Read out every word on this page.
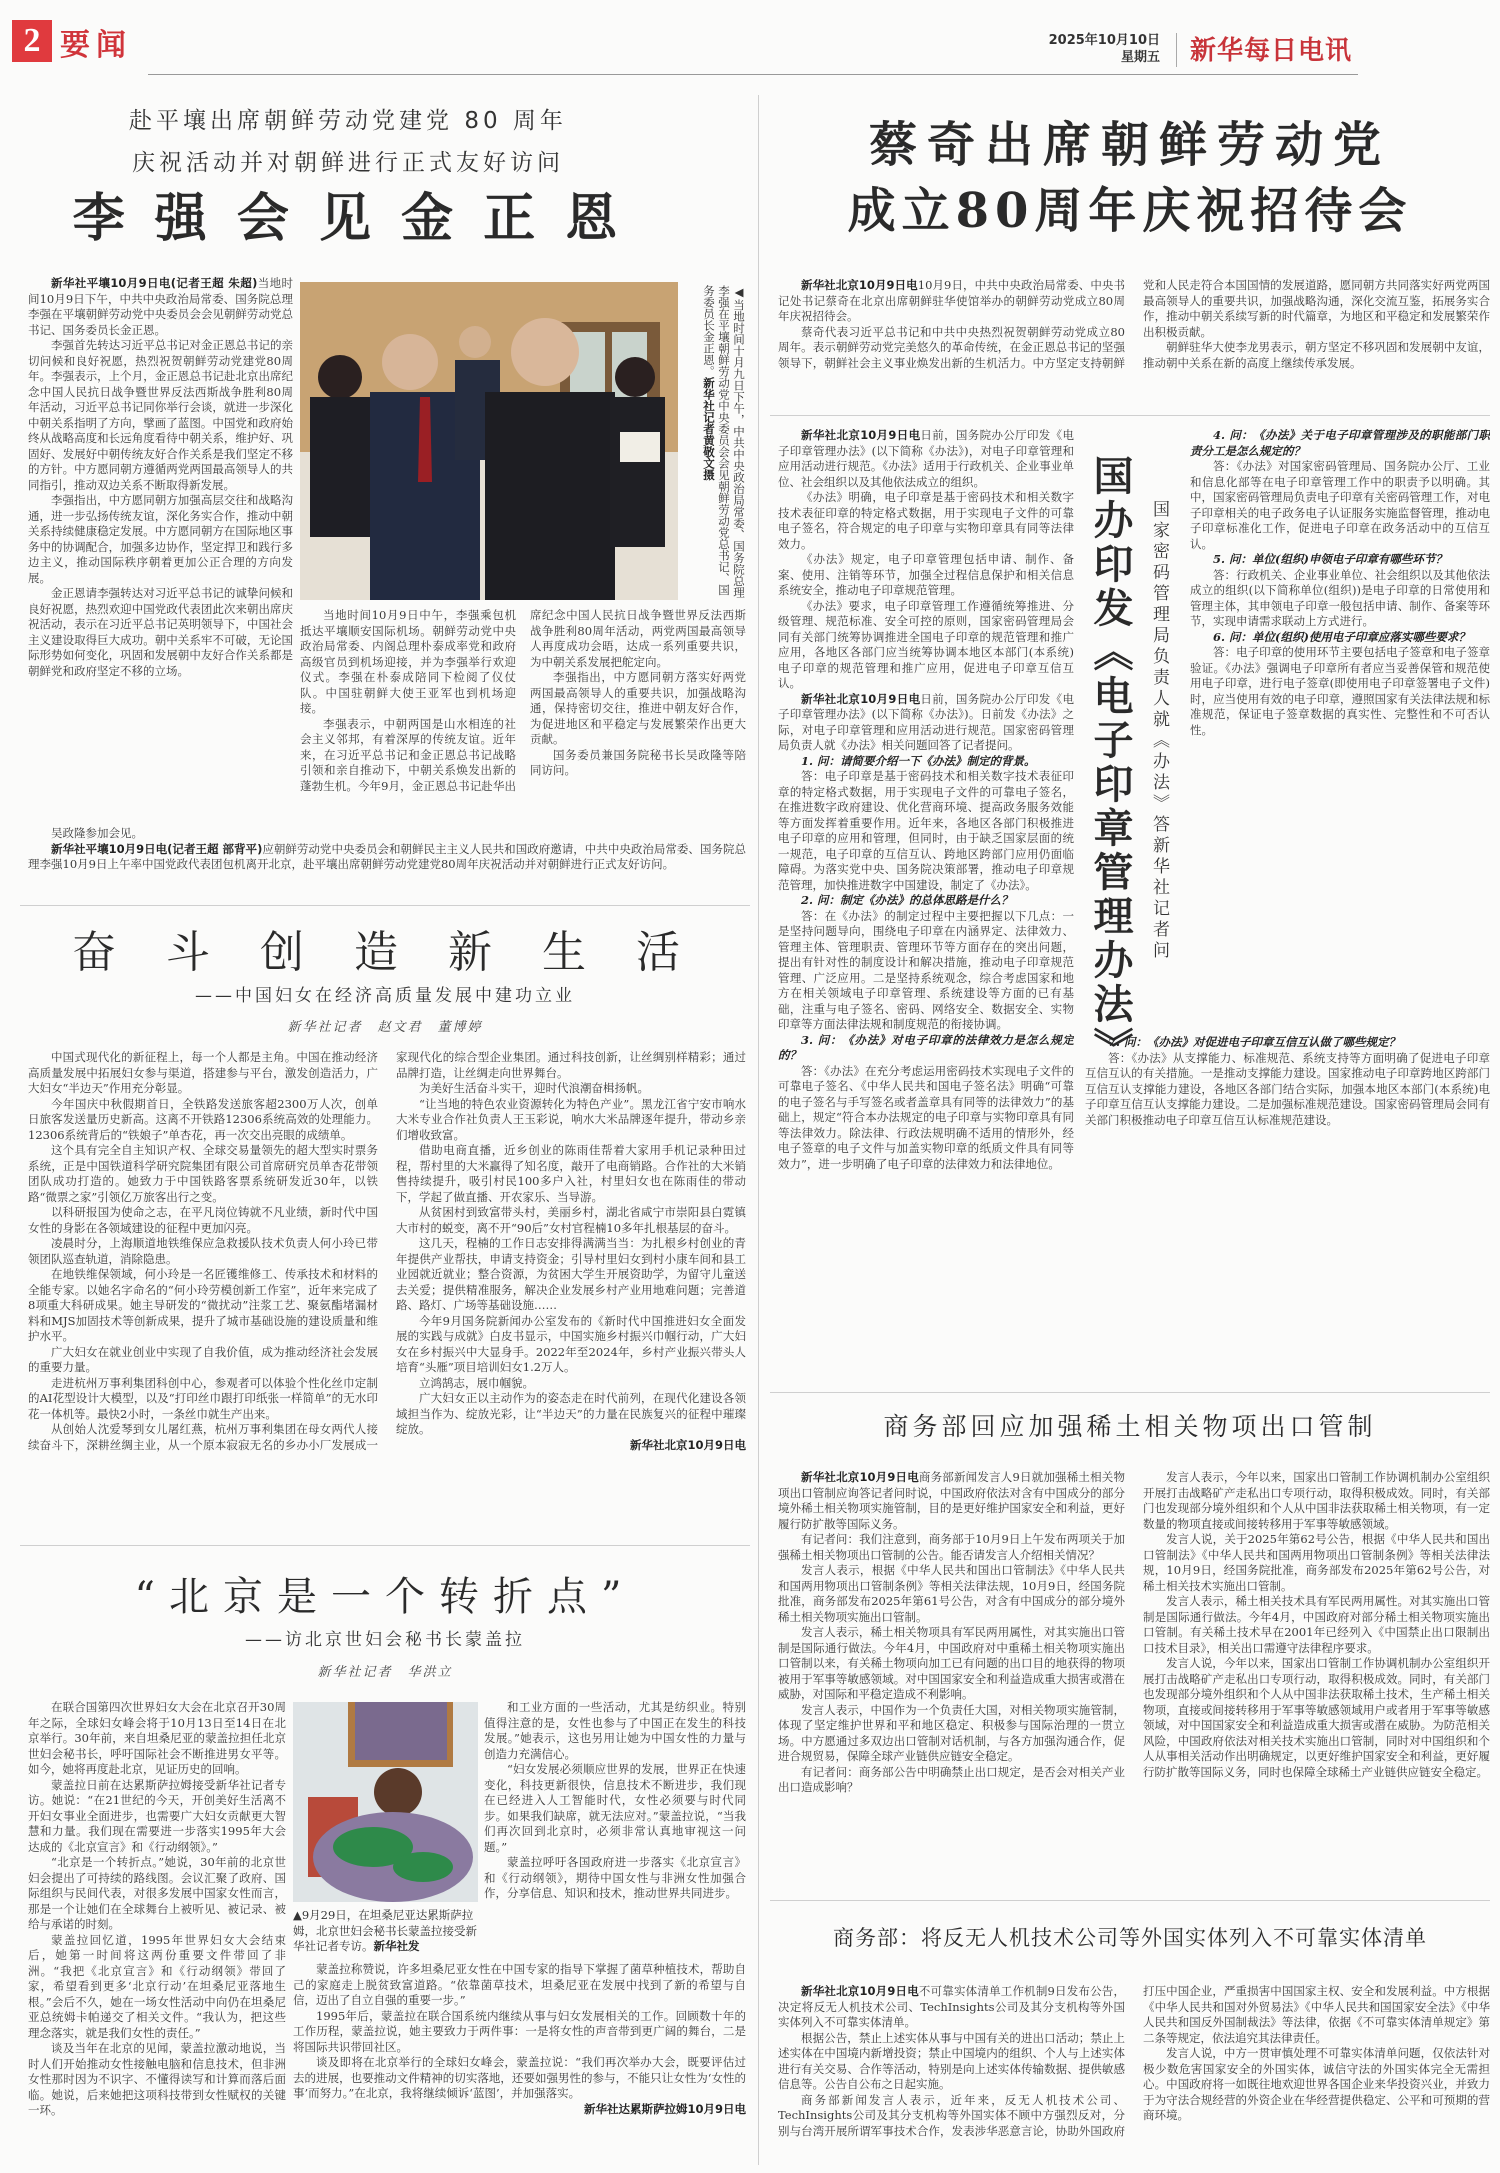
2 要闻	2025年10月10日
星期五 新华每日电讯
赴平壤出席朝鲜劳动党建党 80 周年
庆祝活动并对朝鲜进行正式友好访问
李 强 会 见 金 正 恩

新华社平壤10月9日电(记者王超 朱超)当地时间10月9日下午，中共中央政治局常委、国务院总理李强在平壤朝鲜劳动党中央委员会会见朝鲜劳动党总书记、国务委员长金正恩。

李强首先转达习近平总书记对金正恩总书记的亲切问候和良好祝愿，热烈祝贺朝鲜劳动党建党80周年。李强表示，上个月，金正恩总书记赴北京出席纪念中国人民抗日战争暨世界反法西斯战争胜利80周年活动，习近平总书记同你举行会谈，就进一步深化中朝关系指明了方向，擘画了蓝图。中国党和政府始终从战略高度和长远角度看待中朝关系，维护好、巩固好、发展好中朝传统友好合作关系是我们坚定不移的方针。中方愿同朝方遵循两党两国最高领导人的共同指引，推动双边关系不断取得新发展。

李强指出，中方愿同朝方加强高层交往和战略沟通，进一步弘扬传统友谊，深化务实合作，推动中朝关系持续健康稳定发展。中方愿同朝方在国际地区事务中的协调配合，加强多边协作，坚定捍卫和践行多边主义，推动国际秩序朝着更加公正合理的方向发展。

金正恩请李强转达对习近平总书记的诚挚问候和良好祝愿，热烈欢迎中国党政代表团此次来朝出席庆祝活动，表示在习近平总书记英明领导下，中国社会主义建设取得巨大成功。朝中关系牢不可破，无论国际形势如何变化，巩固和发展朝中友好合作关系都是朝鲜党和政府坚定不移的立场。

◀当地时间十月九日下午，中共中央政治局常委、国务院总理李强在平壤朝鲜劳动党中央委员会会见朝鲜劳动党总书记、国务委员长金正恩。新华社记者黄敬文摄

当地时间10月9日中午，李强乘包机抵达平壤顺安国际机场。朝鲜劳动党中央政治局常委、内阁总理朴泰成率党和政府高级官员到机场迎接，并为李强举行欢迎仪式。李强在朴泰成陪同下检阅了仪仗队。中国驻朝鲜大使王亚军也到机场迎接。

李强表示，中朝两国是山水相连的社会主义邻邦，有着深厚的传统友谊。近年来，在习近平总书记和金正恩总书记战略引领和亲自推动下，中朝关系焕发出新的蓬勃生机。今年9月，金正恩总书记赴华出席纪念中国人民抗日战争暨世界反法西斯战争胜利80周年活动，两党两国最高领导人再度成功会晤，达成一系列重要共识，为中朝关系发展把舵定向。

李强指出，中方愿同朝方落实好两党两国最高领导人的重要共识，加强战略沟通，保持密切交往，推进中朝友好合作，为促进地区和平稳定与发展繁荣作出更大贡献。

国务委员兼国务院秘书长吴政隆等陪同访问。

吴政隆参加会见。

新华社平壤10月9日电(记者王超 部背平)应朝鲜劳动党中央委员会和朝鲜民主主义人民共和国政府邀请，中共中央政治局常委、国务院总理李强10月9日上午率中国党政代表团包机离开北京，赴平壤出席朝鲜劳动党建党80周年庆祝活动并对朝鲜进行正式友好访问。

奋 斗 创 造 新 生 活
——中国妇女在经济高质量发展中建功立业
新华社记者　赵文君　董博婷

中国式现代化的新征程上，每一个人都是主角。中国在推动经济高质量发展中拓展妇女参与渠道，搭建参与平台，激发创造活力，广大妇女“半边天”作用充分彰显。

今年国庆中秋假期首日，全铁路发送旅客超2300万人次，创单日旅客发送量历史新高。这离不开铁路12306系统高效的处理能力。12306系统背后的“铁娘子”单杏花，再一次交出亮眼的成绩单。

这个具有完全自主知识产权、全球交易量领先的超大型实时票务系统，正是中国铁道科学研究院集团有限公司首席研究员单杏花带领团队成功打造的。她致力于中国铁路客票系统研发近30年，以铁路“微票之家”引领亿万旅客出行之变。

以科研报国为使命之志，在平凡岗位铸就不凡业绩，新时代中国女性的身影在各领域建设的征程中更加闪亮。

凌晨时分，上海顺道地铁维保应急救援队技术负责人何小玲已带领团队巡查轨道，消除隐患。

在地铁维保领域，何小玲是一名匠镬维修工、传承技术和材料的全能专家。以她名字命名的“何小玲劳模创新工作室”，近年来完成了8项重大科研成果。她主导研发的“微扰动”注浆工艺、聚氨酯堵漏材料和MJS加固技术等创新成果，提升了城市基础设施的建设质量和维护水平。

广大妇女在就业创业中实现了自我价值，成为推动经济社会发展的重要力量。

走进杭州万事利集团科创中心，参观者可以体验个性化丝巾定制的AI花型设计大模型，以及“打印丝巾跟打印纸张一样简单”的无水印花一体机等。最快2小时，一条丝巾就生产出来。

从创始人沈爱琴到女儿屠红燕，杭州万事利集团在母女两代人接续奋斗下，深耕丝绸主业，从一个原本寂寂无名的乡办小厂发展成一家现代化的综合型企业集团。通过科技创新，让丝绸别样精彩；通过品牌打造，让丝绸走向世界舞台。

为美好生活奋斗实干，迎时代浪潮奋楫扬帆。

“让当地的特色农业资源转化为特色产业”。黑龙江省宁安市响水大米专业合作社负责人王玉彩说，响水大米品牌逐年提升，带动乡亲们增收致富。

借助电商直播，近乡创业的陈雨佳帮着大家用手机记录种田过程，帮村里的大米赢得了知名度，敲开了电商销路。合作社的大米销售持续提升，吸引村民100多户入社，村里妇女也在陈雨佳的带动下，学起了做直播、开农家乐、当导游。

从贫困村到致富带头村，美丽乡村，湖北省咸宁市崇阳县白霓镇大市村的蜕变，离不开“90后”女村官程楠10多年扎根基层的奋斗。

这几天，程楠的工作日志安排得满满当当：为扎根乡村创业的青年提供产业帮扶，申请支持资金；引导村里妇女到村小康车间和县工业园就近就业；整合资源，为贫困大学生开展资助学，为留守儿童送去关爱；提供精准服务，解决企业发展乡村产业用地难问题；完善道路、路灯、广场等基础设施……

今年9月国务院新闻办公室发布的《新时代中国推进妇女全面发展的实践与成就》白皮书显示，中国实施乡村振兴巾帼行动，广大妇女在乡村振兴中大显身手。2022年至2024年，乡村产业振兴带头人培育“头雁”项目培训妇女1.2万人。

立鸿鹄志，展巾帼貌。

广大妇女正以主动作为的姿态走在时代前列，在现代化建设各领域担当作为、绽放光彩，让“半边天”的力量在民族复兴的征程中璀璨绽放。

新华社北京10月9日电
“北京是一个转折点”
——访北京世妇会秘书长蒙盖拉
新华社记者　华洪立

在联合国第四次世界妇女大会在北京召开30周年之际，全球妇女峰会将于10月13日至14日在北京举行。30年前，来自坦桑尼亚的蒙盖拉担任北京世妇会秘书长，呼吁国际社会不断推进男女平等。如今，她将再度赴北京，见证历史的回响。

蒙盖拉日前在达累斯萨拉姆接受新华社记者专访。她说：“在21世纪的今天，开创美好生活离不开妇女事业全面进步，也需要广大妇女贡献更大智慧和力量。我们现在需要进一步落实1995年大会达成的《北京宣言》和《行动纲领》。”

“北京是一个转折点。”她说，30年前的北京世妇会提出了可持续的路线图。会议汇聚了政府、国际组织与民间代表，对很多发展中国家女性而言，那是一个让她们在全球舞台上被听见、被记录、被给与承诺的时刻。

蒙盖拉回忆道，1995年世界妇女大会结束后，她第一时间将这两份重要文件带回了非洲。“我把《北京宣言》和《行动纲领》带回了家，希望看到更多‘北京行动’在坦桑尼亚落地生根。”会后不久，她在一场女性活动中向仍在坦桑尼亚总统姆卡帕递交了相关文件。“我认为，把这些理念落实，就是我们女性的责任。”

谈及当年在北京的见闻，蒙盖拉激动地说，当时人们开始推动女性接触电脑和信息技术，但非洲女性那时因为不识字、不懂得读写和计算而落后面临。她说，后来她把这项科技带到女性赋权的关键一环。

▲9月29日，在坦桑尼亚达累斯萨拉姆，北京世妇会秘书长蒙盖拉接受新华社记者专访。新华社发

和工业方面的一些活动，尤其是纺织业。特别值得注意的是，女性也参与了中国正在发生的科技发展。”她表示，这也另用让她为中国女性的力量与创造力充满信心。

“妇女发展必须顺应世界的发展，世界正在快速变化，科技更新很快，信息技术不断进步，我们现在已经进入人工智能时代，女性必须要与时代同步。如果我们缺席，就无法应对。”蒙盖拉说，“当我们再次回到北京时，必须非常认真地审视这一问题。”

蒙盖拉呼吁各国政府进一步落实《北京宣言》和《行动纲领》，期待中国女性与非洲女性加强合作，分享信息、知识和技术，推动世界共同进步。

蒙盖拉称赞说，许多坦桑尼亚女性在中国专家的指导下掌握了菌草种植技术，帮助自己的家庭走上脱贫致富道路。“依靠菌草技术，坦桑尼亚在发展中找到了新的希望与自信，迈出了自立自强的重要一步。”

1995年后，蒙盖拉在联合国系统内继续从事与妇女发展相关的工作。回顾数十年的工作历程，蒙盖拉说，她主要致力于两件事：一是将女性的声音带到更广阔的舞台，二是将国际共识带回社区。

谈及即将在北京举行的全球妇女峰会，蒙盖拉说：“我们再次举办大会，既要评估过去的进展，也要推动文件精神的切实落地，还要如强男性的参与，不能只让女性为‘女性的事’而努力。”在北京，我将继续倾诉‘蓝图’，并加强落实。

新华社达累斯萨拉姆10月9日电
蔡奇出席朝鲜劳动党
成立80周年庆祝招待会

新华社北京10月9日电10月9日，中共中央政治局常委、中央书记处书记蔡奇在北京出席朝鲜驻华使馆举办的朝鲜劳动党成立80周年庆祝招待会。

蔡奇代表习近平总书记和中共中央热烈祝贺朝鲜劳动党成立80周年。表示朝鲜劳动党完美悠久的革命传统，在金正恩总书记的坚强领导下，朝鲜社会主义事业焕发出新的生机活力。中方坚定支持朝鲜党和人民走符合本国国情的发展道路，愿同朝方共同落实好两党两国最高领导人的重要共识，加强战略沟通，深化交流互鉴，拓展务实合作，推动中朝关系续写新的时代篇章，为地区和平稳定和发展繁荣作出积极贡献。

朝鲜驻华大使李龙男表示，朝方坚定不移巩固和发展朝中友谊，推动朝中关系在新的高度上继续传承发展。

新华社北京10月9日电日前，国务院办公厅印发《电子印章管理办法》(以下简称《办法》)，对电子印章管理和应用活动进行规范。《办法》适用于行政机关、企业事业单位、社会组织以及其他依法成立的组织。

《办法》明确，电子印章是基于密码技术和相关数字技术表征印章的特定格式数据，用于实现电子文件的可靠电子签名，符合规定的电子印章与实物印章具有同等法律效力。

《办法》规定，电子印章管理包括申请、制作、备案、使用、注销等环节，加强全过程信息保护和相关信息系统安全，推动电子印章规范管理。

《办法》要求，电子印章管理工作遵循统筹推进、分级管理、规范标准、安全可控的原则，国家密码管理局会同有关部门统筹协调推进全国电子印章的规范管理和推广应用，各地区各部门应当统筹协调本地区本部门(本系统)电子印章的规范管理和推广应用，促进电子印章互信互认。

新华社北京10月9日电日前，国务院办公厅印发《电子印章管理办法》(以下简称《办法》)。日前发《办法》之际，对电子印章管理和应用活动进行规范。国家密码管理局负责人就《办法》相关问题回答了记者提问。

1. 问：请简要介绍一下《办法》制定的背景。

答：电子印章是基于密码技术和相关数字技术表征印章的特定格式数据，用于实现电子文件的可靠电子签名，在推进数字政府建设、优化营商环境、提高政务服务效能等方面发挥着重要作用。近年来，各地区各部门积极推进电子印章的应用和管理，但同时，由于缺乏国家层面的统一规范，电子印章的互信互认、跨地区跨部门应用仍面临障碍。为落实党中央、国务院决策部署，推动电子印章规范管理，加快推进数字中国建设，制定了《办法》。

2. 问：制定《办法》的总体思路是什么？

答：在《办法》的制定过程中主要把握以下几点：一是坚持问题导向，围绕电子印章在内涵界定、法律效力、管理主体、管理职责、管理环节等方面存在的突出问题，提出有针对性的制度设计和解决措施，推动电子印章规范管理、广泛应用。二是坚持系统观念，综合考虑国家和地方在相关领域电子印章管理、系统建设等方面的已有基础，注重与电子签名、密码、网络安全、数据安全、实物印章等方面法律法规和制度规范的衔接协调。

3. 问：《办法》对电子印章的法律效力是怎么规定的？

答：《办法》在充分考虑运用密码技术实现电子文件的可靠电子签名、《中华人民共和国电子签名法》明确“可靠的电子签名与手写签名或者盖章具有同等的法律效力”的基础上，规定“符合本办法规定的电子印章与实物印章具有同等法律效力。除法律、行政法规明确不适用的情形外，经电子签章的电子文件与加盖实物印章的纸质文件具有同等效力”，进一步明确了电子印章的法律效力和法律地位。

国办印发《电子印章管理办法》 国家密码管理局负责人就《办法》答新华社记者问

4. 问：《办法》关于电子印章管理涉及的职能部门职责分工是怎么规定的？

答：《办法》对国家密码管理局、国务院办公厅、工业和信息化部等在电子印章管理工作中的职责予以明确。其中，国家密码管理局负责电子印章有关密码管理工作，对电子印章相关的电子政务电子认证服务实施监督管理，推动电子印章标准化工作，促进电子印章在政务活动中的互信互认。

5. 问：单位(组织)申领电子印章有哪些环节？

答：行政机关、企业事业单位、社会组织以及其他依法成立的组织(以下简称单位(组织))是电子印章的日常使用和管理主体，其申领电子印章一般包括申请、制作、备案等环节，实现申请需求联动上方式进行。

6. 问：单位(组织)使用电子印章应落实哪些要求？

答：电子印章的使用环节主要包括电子签章和电子签章验证。《办法》强调电子印章所有者应当妥善保管和规范使用电子印章，进行电子签章(即使用电子印章签署电子文件)时，应当使用有效的电子印章，遵照国家有关法律法规和标准规范，保证电子签章数据的真实性、完整性和不可否认性。

7. 问：《办法》对促进电子印章互信互认做了哪些规定？

答：《办法》从支撑能力、标准规范、系统支持等方面明确了促进电子印章互信互认的有关措施。一是推动支撑能力建设。国家推动电子印章跨地区跨部门互信互认支撑能力建设，各地区各部门结合实际，加强本地区本部门(本系统)电子印章互信互认支撑能力建设。二是加强标准规范建设。国家密码管理局会同有关部门积极推动电子印章互信互认标准规范建设。

商务部回应加强稀土相关物项出口管制

新华社北京10月9日电商务部新闻发言人9日就加强稀土相关物项出口管制应询答记者问时说，中国政府依法对含有中国成分的部分境外稀土相关物项实施管制，目的是更好维护国家安全和利益，更好履行防扩散等国际义务。

有记者问：我们注意到，商务部于10月9日上午发布两项关于加强稀土相关物项出口管制的公告。能否请发言人介绍相关情况？

发言人表示，根据《中华人民共和国出口管制法》《中华人民共和国两用物项出口管制条例》等相关法律法规，10月9日，经国务院批准，商务部发布2025年第61号公告，对含有中国成分的部分境外稀土相关物项实施出口管制。

发言人表示，稀土相关物项具有军民两用属性，对其实施出口管制是国际通行做法。今年4月，中国政府对中重稀土相关物项实施出口管制以来，有关稀土物项向加工已有问题的出口目的地获得的物项被用于军事等敏感领域。对中国国家安全和利益造成重大损害或潜在威胁，对国际和平稳定造成不利影响。

发言人表示，中国作为一个负责任大国，对相关物项实施管制，体现了坚定维护世界和平和地区稳定、积极参与国际治理的一贯立场。中方愿通过多双边出口管制对话机制，与各方加强沟通合作，促进合规贸易，保障全球产业链供应链安全稳定。

有记者问：商务部公告中明确禁止出口规定，是否会对相关产业出口造成影响？

发言人表示，今年以来，国家出口管制工作协调机制办公室组织开展打击战略矿产走私出口专项行动，取得积极成效。同时，有关部门也发现部分境外组织和个人从中国非法获取稀土相关物项，有一定数量的物项直接或间接转移用于军事等敏感领域。

发言人说，关于2025年第62号公告，根据《中华人民共和国出口管制法》《中华人民共和国两用物项出口管制条例》等相关法律法规，10月9日，经国务院批准，商务部发布2025年第62号公告，对稀土相关技术实施出口管制。

发言人表示，稀土相关技术具有军民两用属性。对其实施出口管制是国际通行做法。今年4月，中国政府对部分稀土相关物项实施出口管制。有关稀土技术早在2001年已经列入《中国禁止出口限制出口技术目录》，相关出口需遵守法律程序要求。

发言人说，今年以来，国家出口管制工作协调机制办公室组织开展打击战略矿产走私出口专项行动，取得积极成效。同时，有关部门也发现部分境外组织和个人从中国非法获取稀土技术，生产稀土相关物项，直接或间接转移用于军事等敏感领域用户或者用于军事等敏感领域，对中国国家安全和利益造成重大损害或潜在威胁。为防范相关风险，中国政府依法对相关技术实施出口管制，同时对中国组织和个人从事相关活动作出明确规定，以更好维护国家安全和利益，更好履行防扩散等国际义务，同时也保障全球稀土产业链供应链安全稳定。

商务部：将反无人机技术公司等外国实体列入不可靠实体清单

新华社北京10月9日电不可靠实体清单工作机制9日发布公告，决定将反无人机技术公司、TechInsights公司及其分支机构等外国实体列入不可靠实体清单。

根据公告，禁止上述实体从事与中国有关的进出口活动；禁止上述实体在中国境内新增投资；禁止中国境内的组织、个人与上述实体进行有关交易、合作等活动，特别是向上述实体传输数据、提供敏感信息等。公告自公布之日起实施。

商务部新闻发言人表示，近年来，反无人机技术公司、TechInsights公司及其分支机构等外国实体不顾中方强烈反对，分别与台湾开展所谓军事技术合作，发表涉华恶意言论，协助外国政府打压中国企业，严重损害中国国家主权、安全和发展利益。中方根据《中华人民共和国对外贸易法》《中华人民共和国国家安全法》《中华人民共和国反外国制裁法》等法律，依据《不可靠实体清单规定》第二条等规定，依法追究其法律责任。

发言人说，中方一贯审慎处理不可靠实体清单问题，仅依法针对极少数危害国家安全的外国实体，诚信守法的外国实体完全无需担心。中国政府将一如既往地欢迎世界各国企业来华投资兴业，并致力于为守法合规经营的外资企业在华经营提供稳定、公平和可预期的营商环境。
